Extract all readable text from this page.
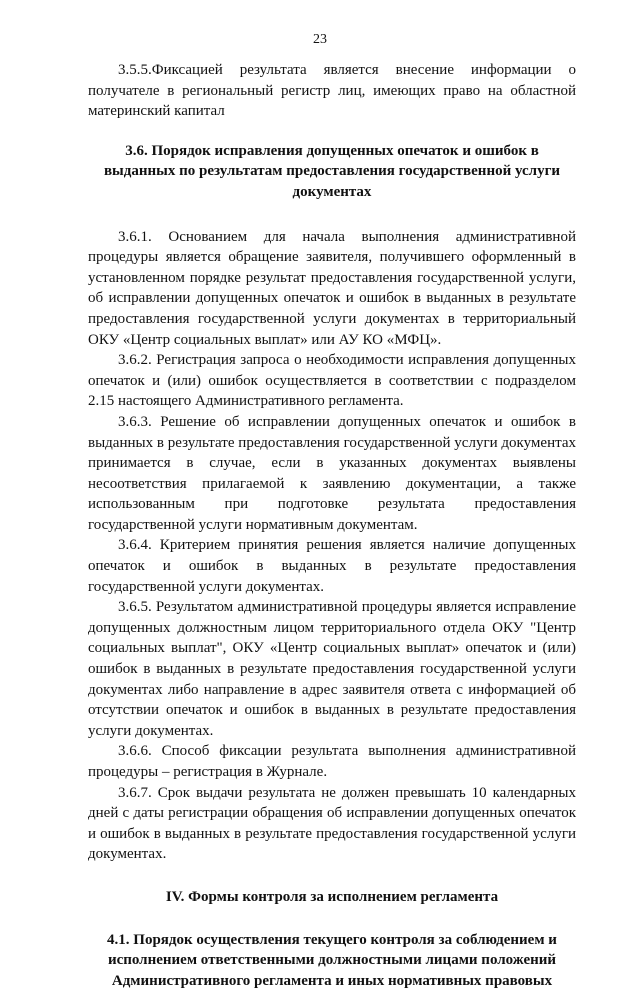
23

3.5.5.Фиксацией результата является внесение информации о получателе в региональный регистр лиц, имеющих право на областной материнский капитал

3.6. Порядок исправления допущенных опечаток и ошибок в выданных по результатам предоставления государственной услуги документах

3.6.1. Основанием для начала выполнения административной процедуры является обращение заявителя, получившего оформленный в установленном порядке результат предоставления государственной услуги, об исправлении допущенных опечаток и ошибок в выданных в результате предоставления государственной услуги документах в территориальный ОКУ «Центр социальных выплат» или АУ КО «МФЦ».

3.6.2. Регистрация запроса о необходимости исправления допущенных опечаток и (или) ошибок осуществляется в соответствии с подразделом 2.15 настоящего Административного регламента.

3.6.3. Решение об исправлении допущенных опечаток и ошибок в выданных в результате предоставления государственной услуги документах принимается в случае, если в указанных документах выявлены несоответствия прилагаемой к заявлению документации, а также использованным при подготовке результата предоставления государственной услуги нормативным документам.

3.6.4. Критерием принятия решения является наличие допущенных опечаток и ошибок в выданных в результате предоставления государственной услуги документах.

3.6.5. Результатом административной процедуры является исправление допущенных должностным лицом территориального отдела ОКУ "Центр социальных выплат", ОКУ «Центр социальных выплат» опечаток и (или) ошибок в выданных в результате предоставления государственной услуги документах либо направление в адрес заявителя ответа с информацией об отсутствии опечаток и ошибок в выданных в результате предоставления услуги документах.

3.6.6. Способ фиксации результата выполнения административной процедуры – регистрация в Журнале.

3.6.7. Срок выдачи результата не должен превышать 10 календарных дней с даты регистрации обращения об исправлении допущенных опечаток и ошибок в выданных в результате предоставления государственной услуги документах.

IV. Формы контроля за исполнением регламента
4.1. Порядок осуществления текущего контроля за соблюдением и исполнением ответственными должностными лицами положений Административного регламента и иных нормативных правовых
